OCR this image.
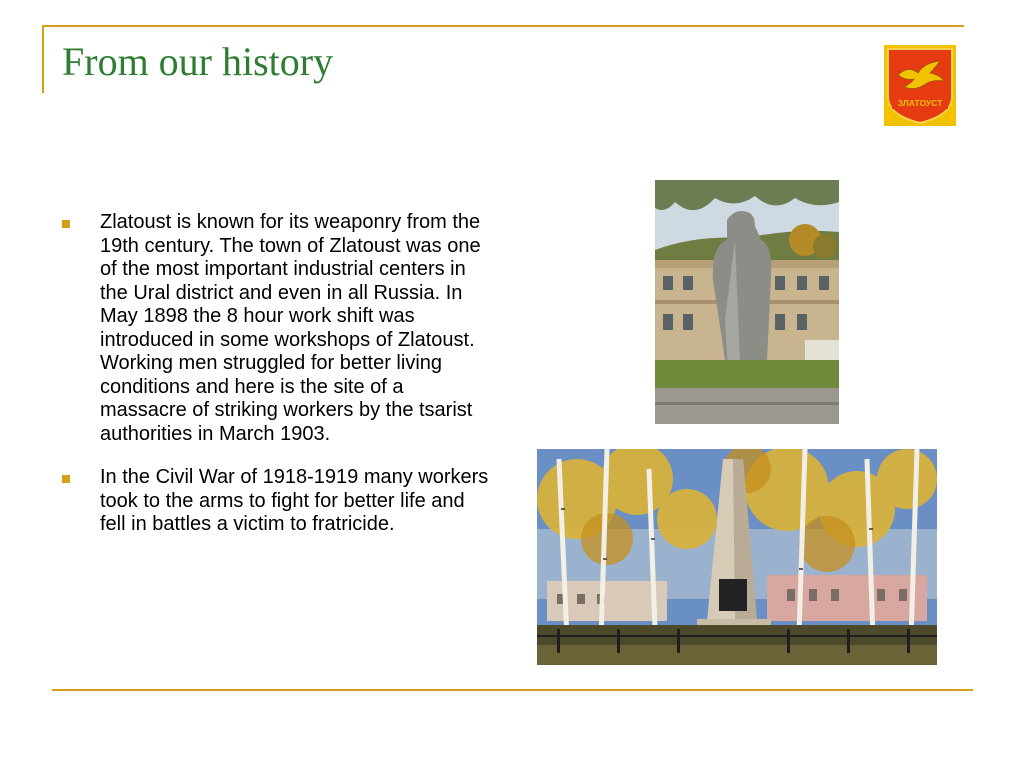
From our history
ЗЛАТОУСТ
Zlatoust is known for its weaponry from the 19th century. The town of Zlatoust was one of the most important industrial centers in the Ural district and even in all Russia. In May 1898 the 8 hour work shift was introduced in some workshops of Zlatoust. Working men struggled for better living conditions and here is the site of a massacre of striking workers by the tsarist authorities in March 1903.
In the Civil War of 1918-1919 many workers took to the arms to fight for better life and fell in battles a victim to fratricide.
